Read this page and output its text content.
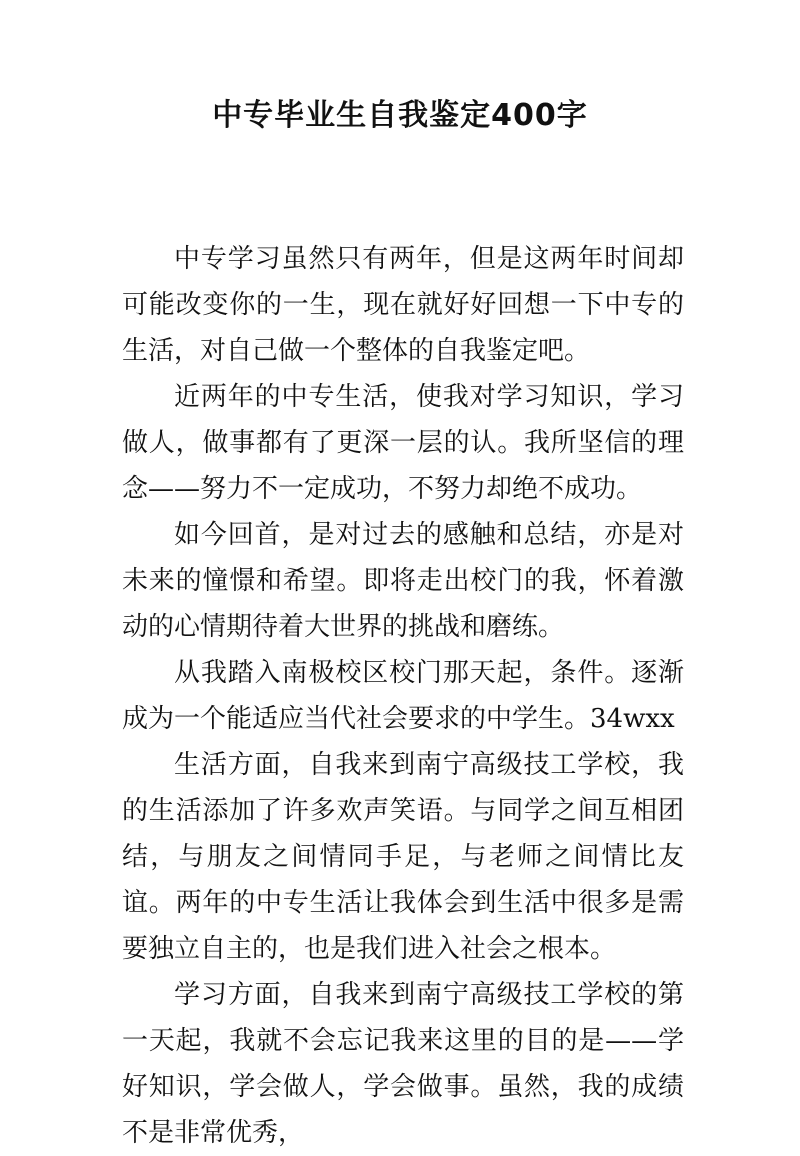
中专毕业生自我鉴定400字

中专学习虽然只有两年，但是这两年时间却可能改变你的一生，现在就好好回想一下中专的生活，对自己做一个整体的自我鉴定吧。

近两年的中专生活，使我对学习知识，学习做人，做事都有了更深一层的认。我所坚信的理念——努力不一定成功，不努力却绝不成功。

如今回首，是对过去的感触和总结，亦是对未来的憧憬和希望。即将走出校门的我，怀着激动的心情期待着大世界的挑战和磨练。

从我踏入南极校区校门那天起，条件。逐渐成为一个能适应当代社会要求的中学生。34wxx

生活方面，自我来到南宁高级技工学校，我的生活添加了许多欢声笑语。与同学之间互相团结，与朋友之间情同手足，与老师之间情比友谊。两年的中专生活让我体会到生活中很多是需要独立自主的，也是我们进入社会之根本。

学习方面，自我来到南宁高级技工学校的第一天起，我就不会忘记我来这里的目的是——学好知识，学会做人，学会做事。虽然，我的成绩不是非常优秀，
